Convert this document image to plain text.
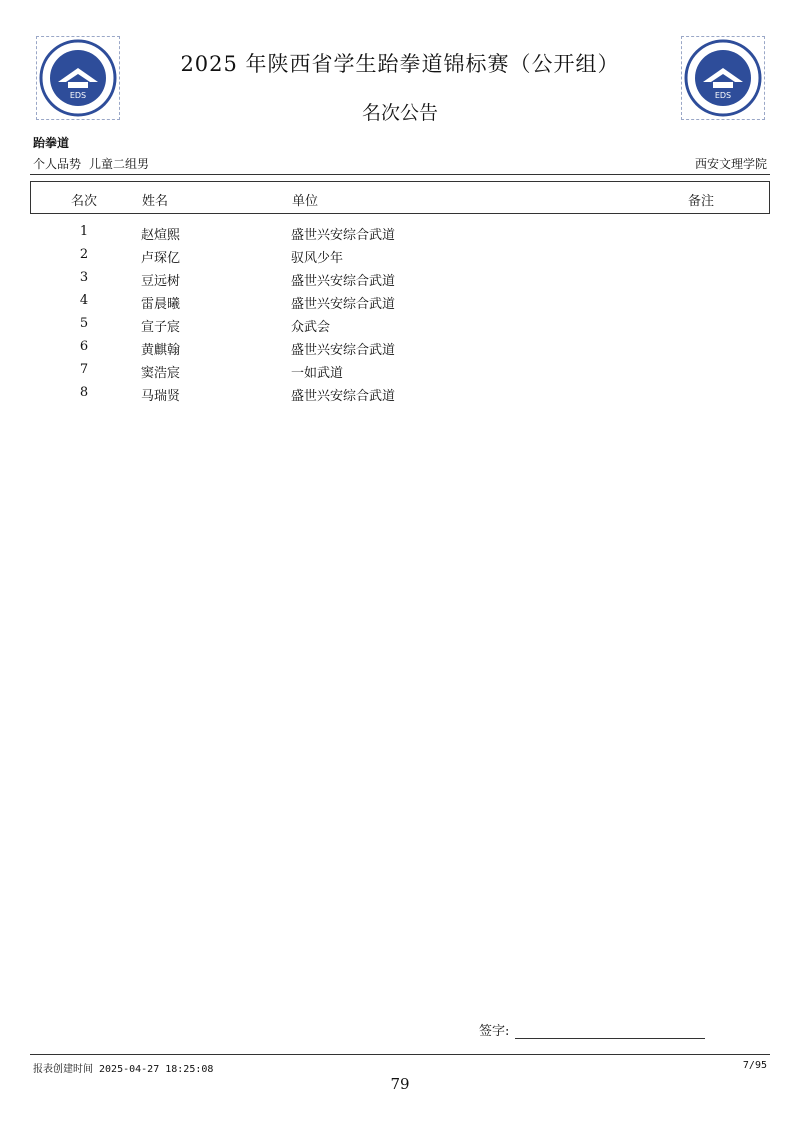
EDS	EDS
2025 年陕西省学生跆拳道锦标赛（公开组）
名次公告
跆拳道
个人品势 儿童二组男	西安文理学院
名次	姓名	单位	备注
1	赵煊熙	盛世兴安综合武道
2	卢琛亿	驭风少年
3	豆远树	盛世兴安综合武道
4	雷晨曦	盛世兴安综合武道
5	宣子宸	众武会
6	黄麒翰	盛世兴安综合武道
7	窦浩宸	一如武道
8	马瑞贤	盛世兴安综合武道
签字:
报表创建时间 2025-04-27 18:25:08	7/95
79
